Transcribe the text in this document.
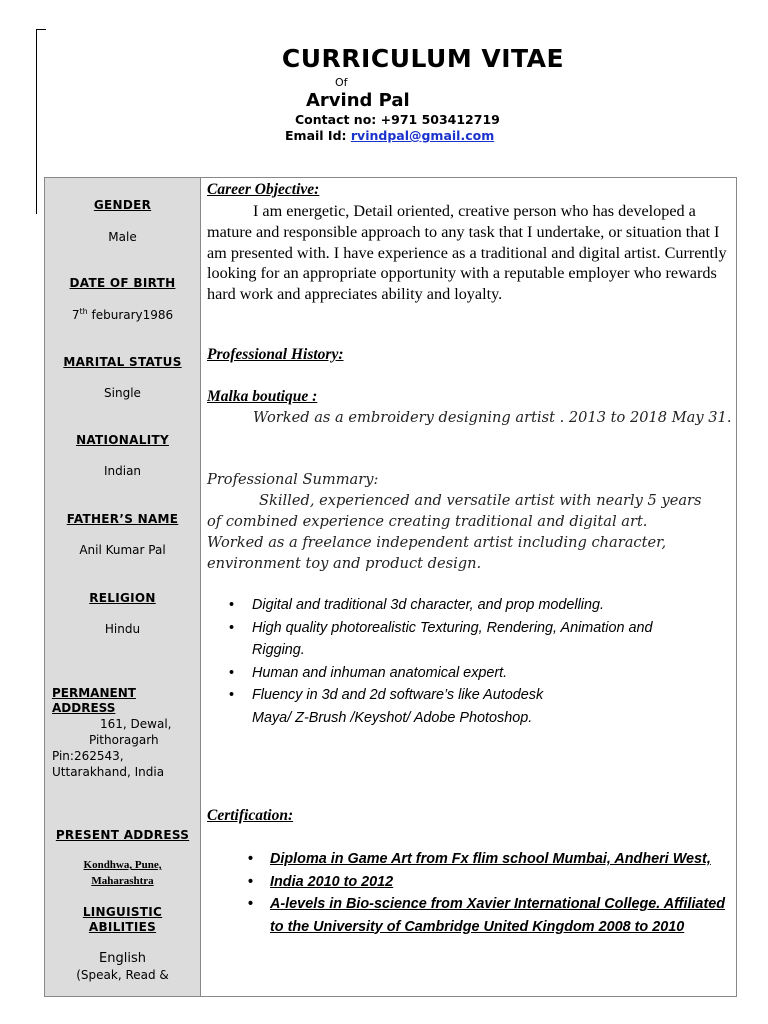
CURRICULUM VITAE
Of
Arvind Pal
Contact no: +971 503412719
Email Id: rvindpal@gmail.com
GENDER
Male
DATE OF BIRTH
7th feburary1986
MARITAL STATUS
Single
NATIONALITY
Indian
FATHER’S NAME
Anil Kumar Pal
RELIGION
Hindu
PERMANENT
ADDRESS
161, Dewal,
Pithoragarh
Pin:262543,
Uttarakhand, India
PRESENT ADDRESS
Kondhwa, Pune,
Maharashtra
LINGUISTIC
ABILITIES
English
(Speak, Read &
Career Objective:
I am energetic, Detail oriented, creative person who has developed a mature and responsible approach to any task that I undertake, or situation that I am presented with. I have experience as a traditional and digital artist. Currently looking for an appropriate opportunity with a reputable employer who rewards hard work and appreciates ability and loyalty.
Professional History:
Malka boutique :
Worked as a embroidery designing artist . 2013 to 2018 May 31.
Professional Summary:
Skilled, experienced and versatile artist with nearly 5 years of combined experience creating traditional and digital art. Worked as a freelance independent artist including character, environment toy and product design.
• Digital and traditional 3d character, and prop modelling.
• High quality photorealistic Texturing, Rendering, Animation and Rigging.
• Human and inhuman anatomical expert.
• Fluency in 3d and 2d software’s like Autodesk Maya/ Z-Brush /Keyshot/ Adobe Photoshop.
Certification:
• Diploma in Game Art from Fx flim school Mumbai, Andheri West,
• India 2010 to 2012
• A-levels in Bio-science from Xavier International College. Affiliated to the University of Cambridge United Kingdom 2008 to 2010
